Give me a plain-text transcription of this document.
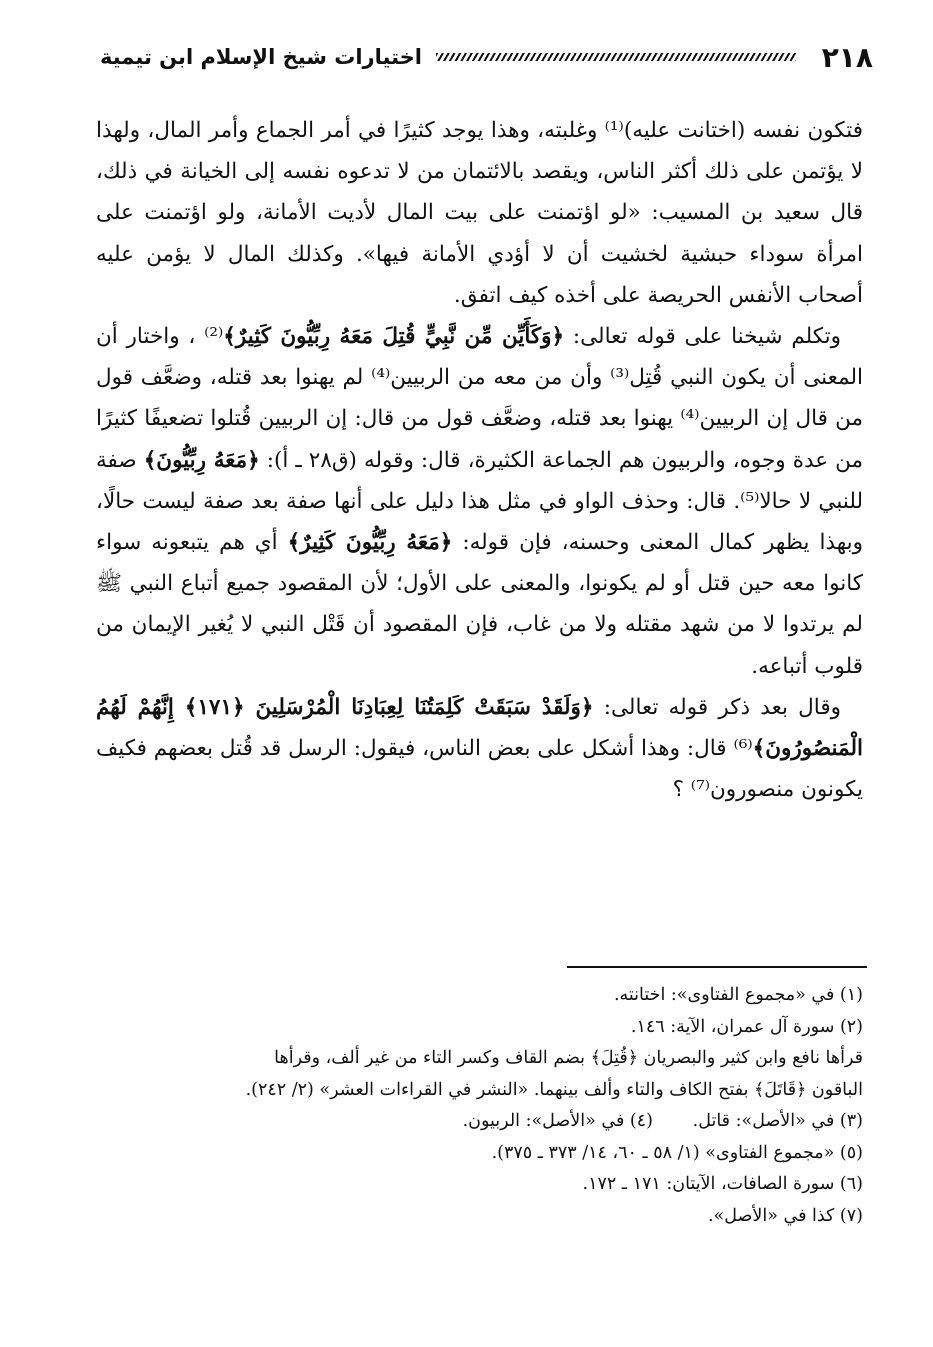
٢١٨
اختيارات شيخ الإسلام ابن تيمية

فتكون نفسه (اختانت عليه)⁽¹⁾ وغلبته، وهذا يوجد كثيرًا في أمر الجماع وأمر المال، ولهذا لا يؤتمن على ذلك أكثر الناس، ويقصد بالائتمان من لا تدعوه نفسه إلى الخيانة في ذلك، قال سعيد بن المسيب: «لو اؤتمنت على بيت المال لأديت الأمانة، ولو اؤتمنت على امرأة سوداء حبشية لخشيت أن لا أؤدي الأمانة فيها». وكذلك المال لا يؤمن عليه أصحاب الأنفس الحريصة على أخذه كيف اتفق.

وتكلم شيخنا على قوله تعالى: ﴿وَكَأَيِّن مِّن نَّبِيٍّ قُتِلَ مَعَهُ رِبِّيُّونَ كَثِيرٌ﴾⁽²⁾ ، واختار أن المعنى أن يكون النبي قُتِل⁽³⁾ وأن من معه من الربيين⁽⁴⁾ لم يهنوا بعد قتله، وضعَّف قول من قال إن الربيين⁽⁴⁾ يهنوا بعد قتله، وضعَّف قول من قال: إن الربيين قُتلوا تضعيفًا كثيرًا من عدة وجوه، والربيون هم الجماعة الكثيرة، قال: وقوله (ق٢٨ ـ أ): ﴿مَعَهُ رِبِّيُّونَ﴾ صفة للنبي لا حالا⁽⁵⁾. قال: وحذف الواو في مثل هذا دليل على أنها صفة بعد صفة ليست حالًا، وبهذا يظهر كمال المعنى وحسنه، فإن قوله: ﴿مَعَهُ رِبِّيُّونَ كَثِيرٌ﴾ أي هم يتبعونه سواء كانوا معه حين قتل أو لم يكونوا، والمعنى على الأول؛ لأن المقصود جميع أتباع النبي ﷺ لم يرتدوا لا من شهد مقتله ولا من غاب، فإن المقصود أن قَتْل النبي لا يُغير الإيمان من قلوب أتباعه.

وقال بعد ذكر قوله تعالى: ﴿وَلَقَدْ سَبَقَتْ كَلِمَتُنَا لِعِبَادِنَا الْمُرْسَلِينَ ﴿١٧١﴾ إِنَّهُمْ لَهُمُ الْمَنصُورُونَ﴾⁽⁶⁾ قال: وهذا أشكل على بعض الناس، فيقول: الرسل قد قُتل بعضهم فكيف يكونون منصورون⁽⁷⁾ ؟

(١) في «مجموع الفتاوى»: اختانته.
(٢) سورة آل عمران، الآية: ١٤٦.
قرأها نافع وابن كثير والبصريان ﴿قُتِلَ﴾ بضم القاف وكسر التاء من غير ألف، وقرأها
الباقون ﴿قَاتَلَ﴾ بفتح الكاف والتاء وألف بينهما. «النشر في القراءات العشر» (٢/ ٢٤٢).
(٣) في «الأصل»: قاتل.
(٤) في «الأصل»: الربيون.
(٥) «مجموع الفتاوى» (١/ ٥٨ ـ ٦٠، ١٤/ ٣٧٣ ـ ٣٧٥).
(٦) سورة الصافات، الآيتان: ١٧١ ـ ١٧٢.
(٧) كذا في «الأصل».
